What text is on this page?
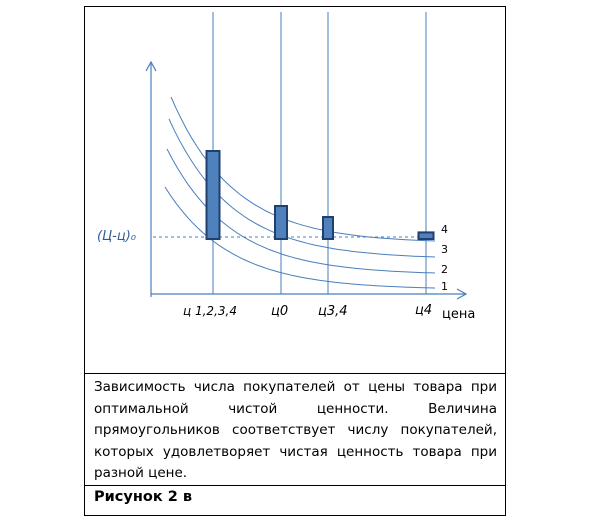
(Ц-ц)₀
цена
ц 1,2,3,4	ц0 ц3,4	ц4
4
3
2
1

Зависимость числа покупателей от цены товара при оптимальной чистой ценности. Величина прямоугольников соответствует числу покупателей, которых удовлетворяет чистая ценность товара при разной цене.

Рисунок 2 в
